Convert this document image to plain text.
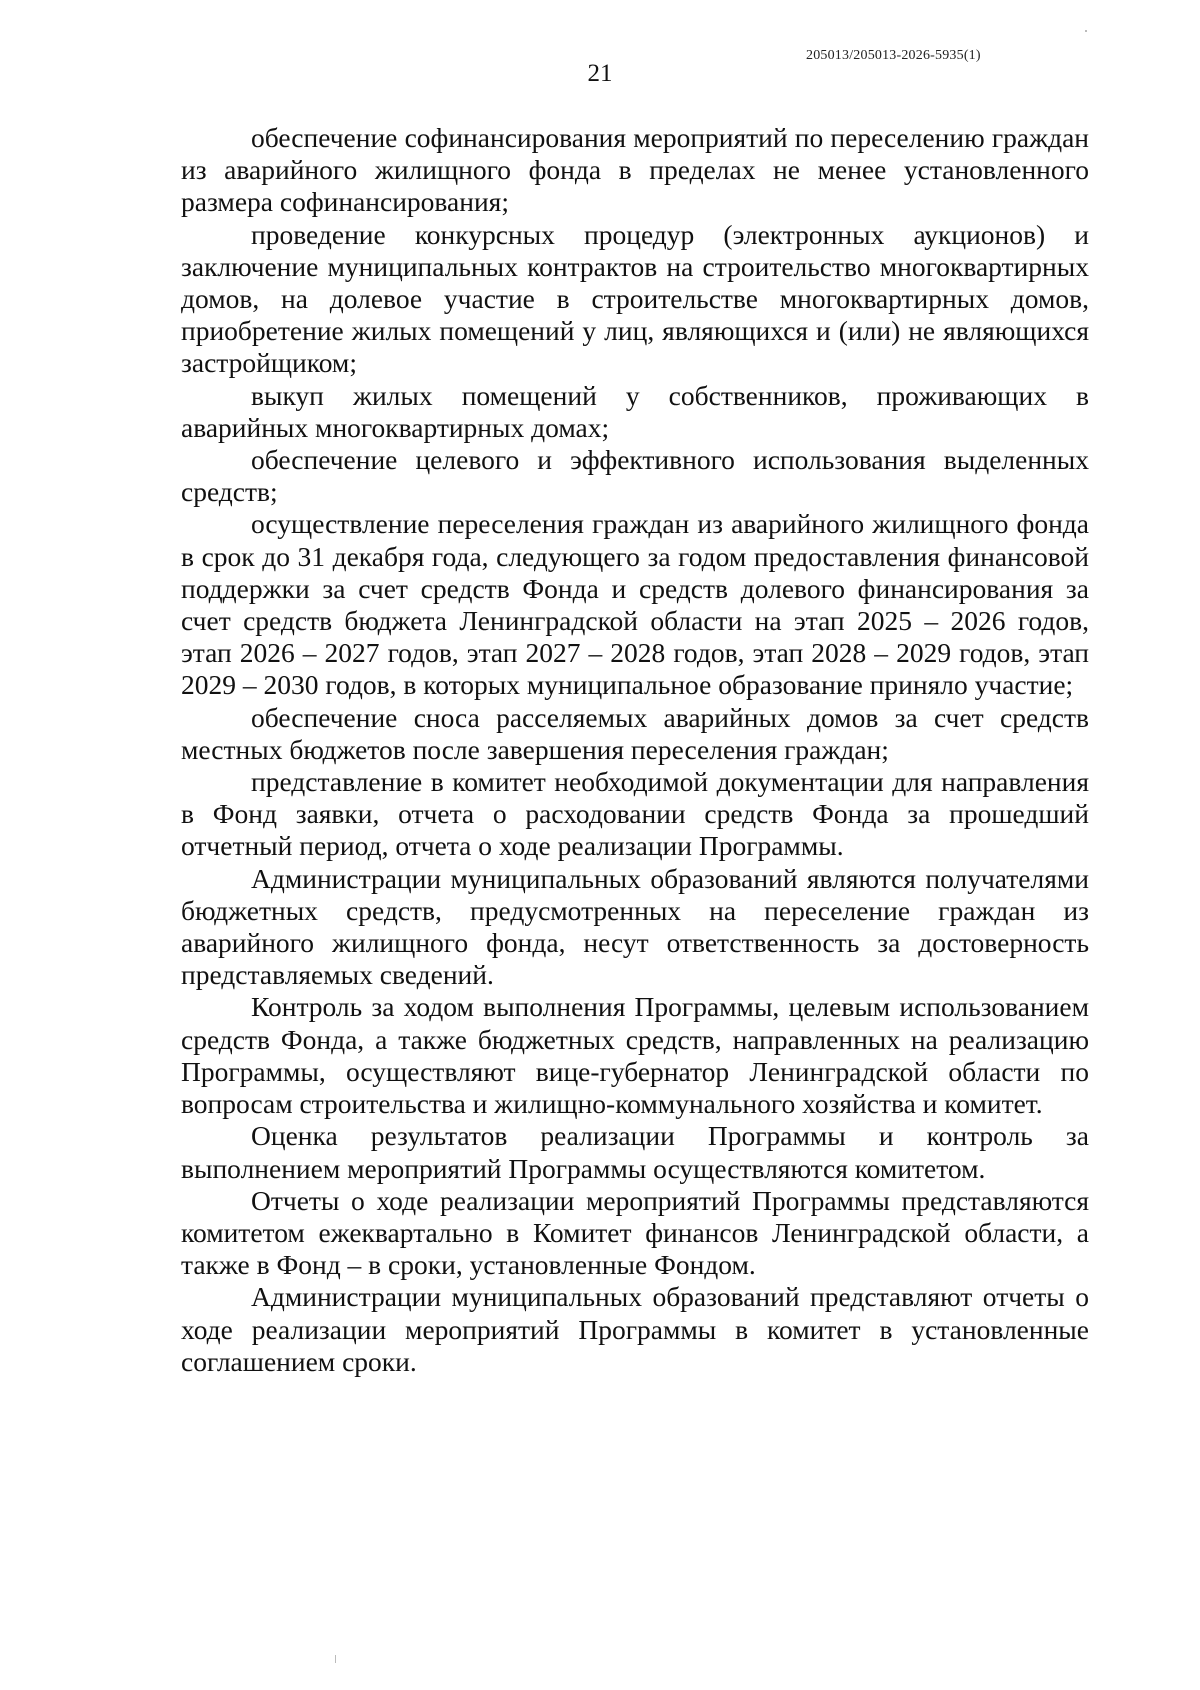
205013/205013-2026-5935(1)
21

обеспечение софинансирования мероприятий по переселению граждан из аварийного жилищного фонда в пределах не менее установленного размера софинансирования;

проведение конкурсных процедур (электронных аукционов) и заключение муниципальных контрактов на строительство многоквартирных домов, на долевое участие в строительстве многоквартирных домов, приобретение жилых помещений у лиц, являющихся и (или) не являющихся застройщиком;

выкуп жилых помещений у собственников, проживающих в аварийных многоквартирных домах;

обеспечение целевого и эффективного использования выделенных средств;

осуществление переселения граждан из аварийного жилищного фонда в срок до 31 декабря года, следующего за годом предоставления финансовой поддержки за счет средств Фонда и средств долевого финансирования за счет средств бюджета Ленинградской области на этап 2025 – 2026 годов, этап 2026 – 2027 годов, этап 2027 – 2028 годов, этап 2028 – 2029 годов, этап 2029 – 2030 годов, в которых муниципальное образование приняло участие;

обеспечение сноса расселяемых аварийных домов за счет средств местных бюджетов после завершения переселения граждан;

представление в комитет необходимой документации для направления в Фонд заявки, отчета о расходовании средств Фонда за прошедший отчетный период, отчета о ходе реализации Программы.

Администрации муниципальных образований являются получателями бюджетных средств, предусмотренных на переселение граждан из аварийного жилищного фонда, несут ответственность за достоверность представляемых сведений.

Контроль за ходом выполнения Программы, целевым использованием средств Фонда, а также бюджетных средств, направленных на реализацию Программы, осуществляют вице-губернатор Ленинградской области по вопросам строительства и жилищно-коммунального хозяйства и комитет.

Оценка результатов реализации Программы и контроль за выполнением мероприятий Программы осуществляются комитетом.

Отчеты о ходе реализации мероприятий Программы представляются комитетом ежеквартально в Комитет финансов Ленинградской области, а также в Фонд – в сроки, установленные Фондом.

Администрации муниципальных образований представляют отчеты о ходе реализации мероприятий Программы в комитет в установленные соглашением сроки.
